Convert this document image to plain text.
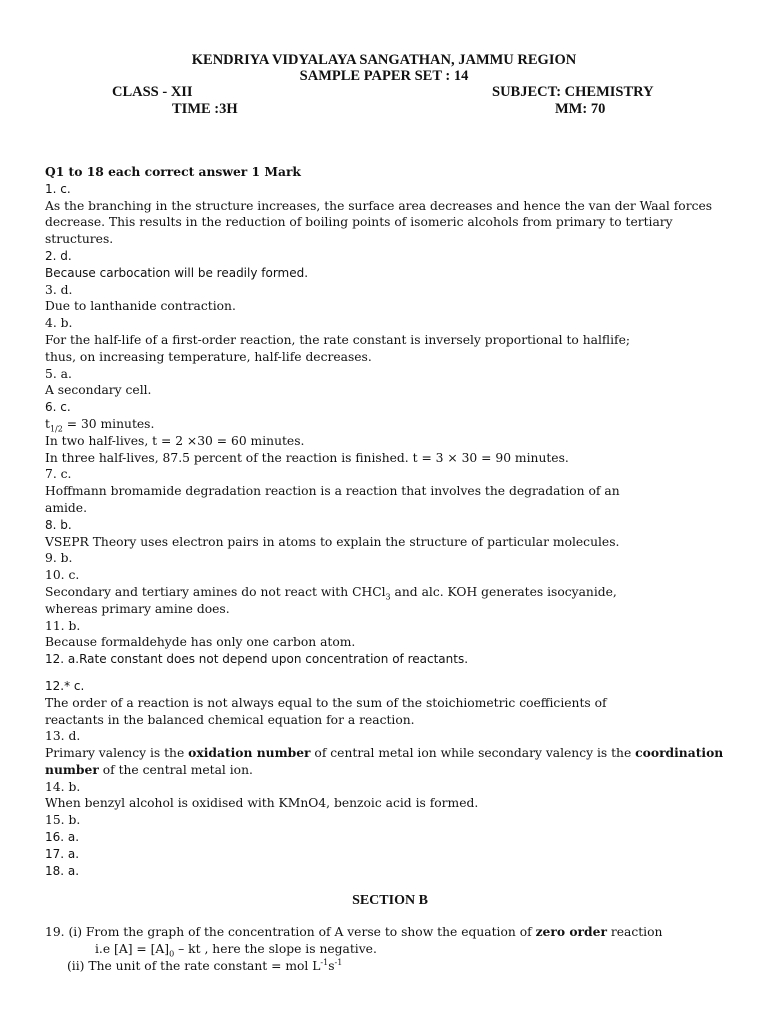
KENDRIYA VIDYALAYA SANGATHAN, JAMMU REGION
SAMPLE PAPER SET : 14
CLASS - XII	SUBJECT: CHEMISTRY
TIME :3H	MM: 70

Q1 to 18 each correct answer 1 Mark

1. c.

As the branching in the structure increases, the surface area decreases and hence the van der Waal forces

decrease. This results in the reduction of boiling points of isomeric alcohols from primary to tertiary

structures.

2. d.

Because carbocation will be readily formed.

3. d.

Due to lanthanide contraction.

4. b.

For the half-life of a first-order reaction, the rate constant is inversely proportional to halflife;

thus, on increasing temperature, half-life decreases.

5. a.

A secondary cell.

6. c.

$t_{1/2} = 30$ minutes.

In two half-lives, t = 2 ×30 = 60 minutes.

In three half-lives, 87.5 percent of the reaction is finished. t = 3 × 30 = 90 minutes.

7. c.

Hoffmann bromamide degradation reaction is a reaction that involves the degradation of an

amide.

8. b.

VSEPR Theory uses electron pairs in atoms to explain the structure of particular molecules.

9. b.

10. c.

Secondary and tertiary amines do not react with CHCl$_3$ and alc. KOH generates isocyanide,

whereas primary amine does.

11. b.

Because formaldehyde has only one carbon atom.

12. a.Rate constant does not depend upon concentration of reactants.

12.* c.

The order of a reaction is not always equal to the sum of the stoichiometric coefficients of

reactants in the balanced chemical equation for a reaction.

13. d.

Primary valency is the oxidation number of central metal ion while secondary valency is the coordination

number of the central metal ion.

14. b.

When benzyl alcohol is oxidised with KMnO4, benzoic acid is formed.

15. b.

16. a.

17. a.

18. a.

SECTION B

19. (i) From the graph of the concentration of A verse to show the equation of zero order reaction

i.e $[A] = [A]_0$ – kt , here the slope is negative.

(ii) The unit of the rate constant = mol $L^{-1}s^{-1}$
